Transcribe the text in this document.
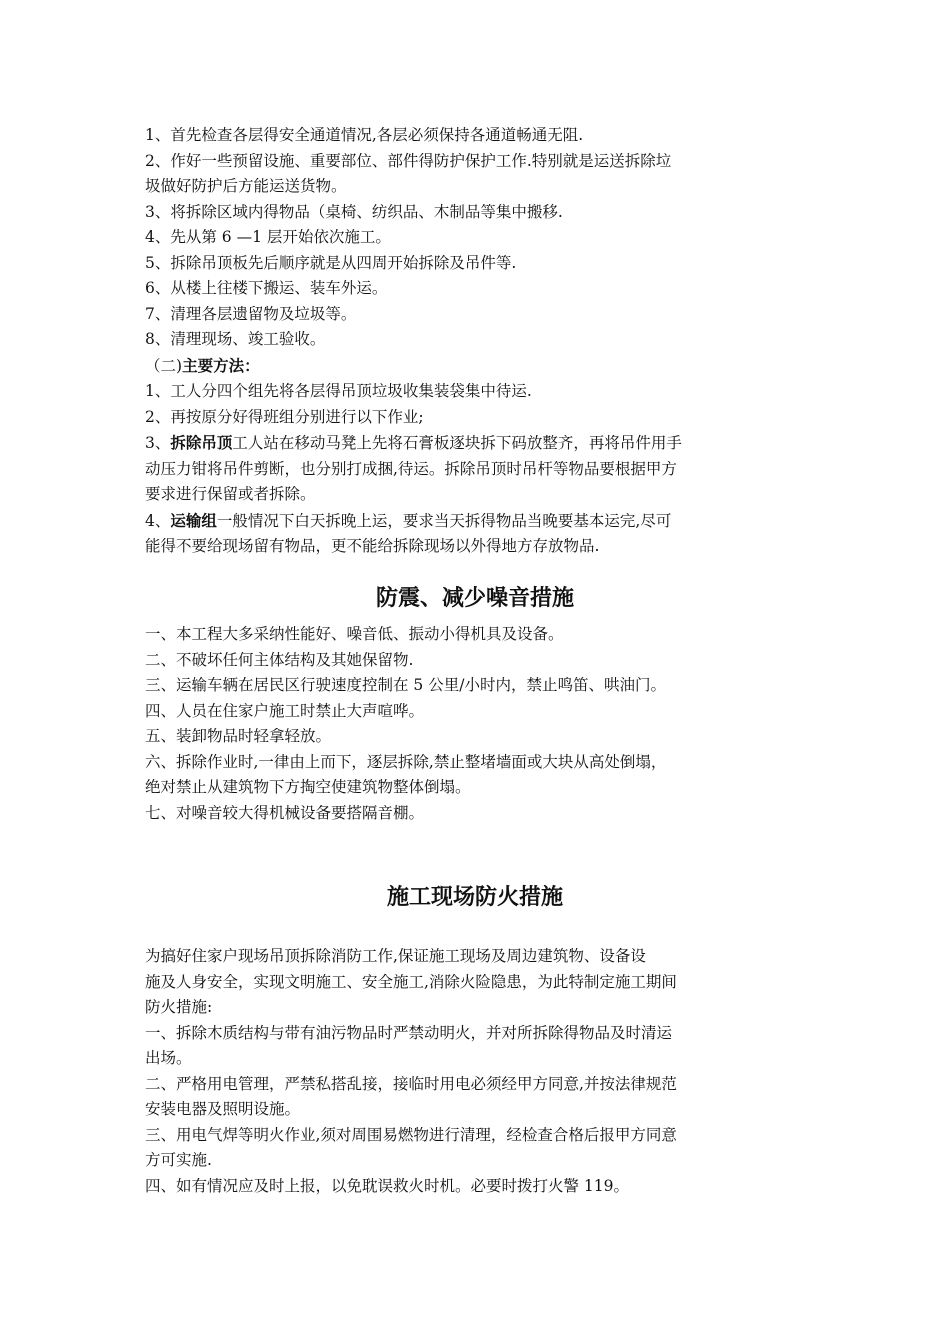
1、首先检查各层得安全通道情况,各层必须保持各通道畅通无阻.
2、作好一些预留设施、重要部位、部件得防护保护工作.特别就是运送拆除垃
圾做好防护后方能运送货物。
3、将拆除区域内得物品（桌椅、纺织品、木制品等集中搬移.
4、先从第 6 —1 层开始依次施工。
5、拆除吊顶板先后顺序就是从四周开始拆除及吊件等.
6、从楼上往楼下搬运、装车外运。
7、清理各层遗留物及垃圾等。
8、清理现场、竣工验收。
（二)主要方法：
1、工人分四个组先将各层得吊顶垃圾收集装袋集中待运.
2、再按原分好得班组分别进行以下作业;
3、拆除吊顶工人站在移动马凳上先将石膏板逐块拆下码放整齐，再将吊件用手
动压力钳将吊件剪断，也分别打成捆,待运。拆除吊顶时吊杆等物品要根据甲方
要求进行保留或者拆除。
4、运输组一般情况下白天拆晚上运，要求当天拆得物品当晚要基本运完,尽可
能得不要给现场留有物品，更不能给拆除现场以外得地方存放物品.
防震、减少噪音措施
一、本工程大多采纳性能好、噪音低、振动小得机具及设备。
二、不破坏任何主体结构及其她保留物.
三、运输车辆在居民区行驶速度控制在 5 公里/小时内，禁止鸣笛、哄油门。
四、人员在住家户施工时禁止大声喧哗。
五、装卸物品时轻拿轻放。
六、拆除作业时,一律由上而下，逐层拆除,禁止整堵墙面或大块从高处倒塌，
绝对禁止从建筑物下方掏空使建筑物整体倒塌。
七、对噪音较大得机械设备要搭隔音棚。
施工现场防火措施
为搞好住家户现场吊顶拆除消防工作,保证施工现场及周边建筑物、设备设
施及人身安全，实现文明施工、安全施工,消除火险隐患，为此特制定施工期间
防火措施:
一、拆除木质结构与带有油污物品时严禁动明火，并对所拆除得物品及时清运
出场。
二、严格用电管理，严禁私搭乱接，接临时用电必须经甲方同意,并按法律规范
安装电器及照明设施。
三、用电气焊等明火作业,须对周围易燃物进行清理，经检查合格后报甲方同意
方可实施.
四、如有情况应及时上报，以免耽误救火时机。必要时拨打火警 119。
